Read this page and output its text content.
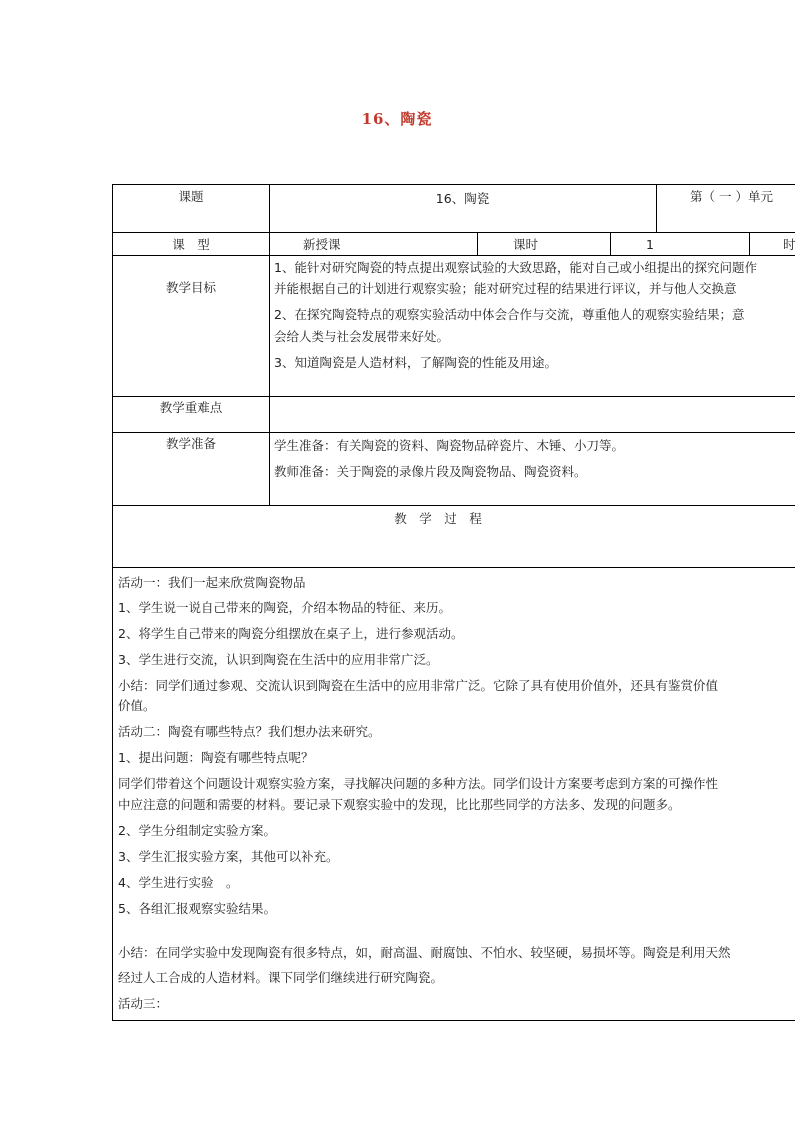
16、陶瓷
课题	16、陶瓷	第（ 一 ）单元
课　型	新授课	课时	1	时
教学目标
1、能针对研究陶瓷的特点提出观察试验的大致思路，能对自己或小组提出的探究问题作
并能根据自己的计划进行观察实验；能对研究过程的结果进行评议，并与他人交换意
2、在探究陶瓷特点的观察实验活动中体会合作与交流，尊重他人的观察实验结果；意
会给人类与社会发展带来好处。
3、知道陶瓷是人造材料，了解陶瓷的性能及用途。
教学重难点
教学准备	学生准备：有关陶瓷的资料、陶瓷物品碎瓷片、木锤、小刀等。
教师准备：关于陶瓷的录像片段及陶瓷物品、陶瓷资料。
教　学　过　程
活动一：我们一起来欣赏陶瓷物品
1、学生说一说自己带来的陶瓷，介绍本物品的特征、来历。
2、将学生自己带来的陶瓷分组摆放在桌子上，进行参观活动。
3、学生进行交流，认识到陶瓷在生活中的应用非常广泛。
小结：同学们通过参观、交流认识到陶瓷在生活中的应用非常广泛。它除了具有使用价值外，还具有鉴赏价值
价值。
活动二：陶瓷有哪些特点？我们想办法来研究。
1、提出问题：陶瓷有哪些特点呢？
同学们带着这个问题设计观察实验方案，寻找解决问题的多种方法。同学们设计方案要考虑到方案的可操作性
中应注意的问题和需要的材料。要记录下观察实验中的发现，比比那些同学的方法多、发现的问题多。
2、学生分组制定实验方案。
3、学生汇报实验方案，其他可以补充。
4、学生进行实验　。
5、各组汇报观察实验结果。
小结：在同学实验中发现陶瓷有很多特点，如，耐高温、耐腐蚀、不怕水、较坚硬，易损坏等。陶瓷是利用天然
经过人工合成的人造材料。课下同学们继续进行研究陶瓷。
活动三：
